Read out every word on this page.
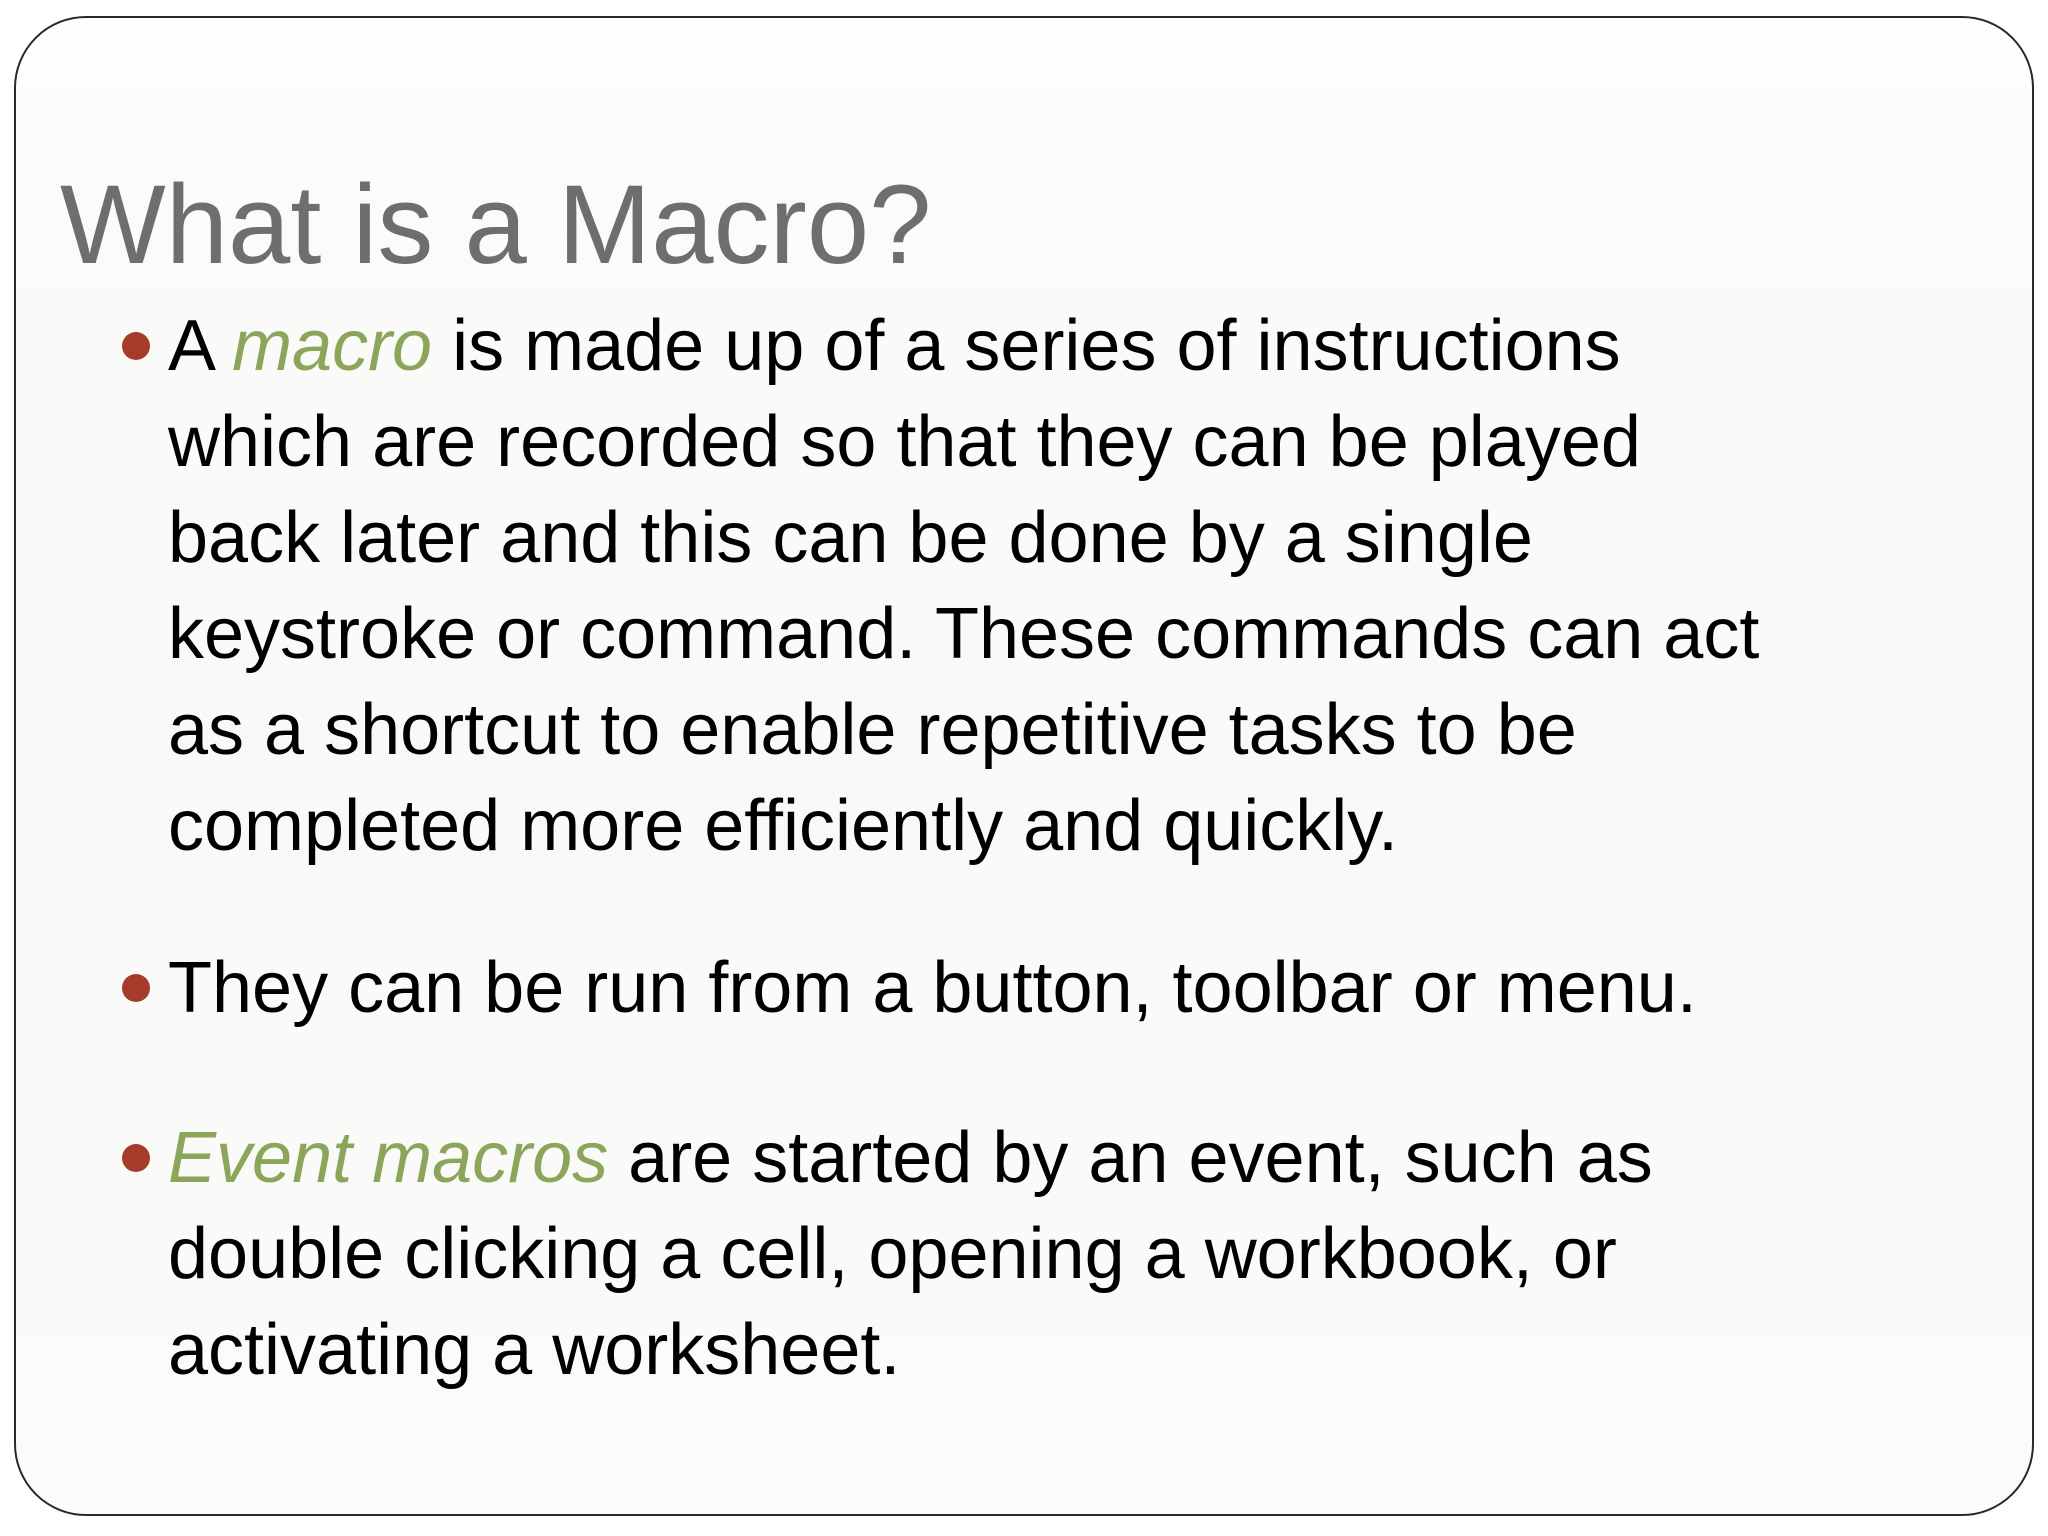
What is a Macro?
A macro is made up of a series of instructions
which are recorded so that they can be played
back later and this can be done by a single
keystroke or command. These commands can act
as a shortcut to enable repetitive tasks to be
completed more efficiently and quickly.
They can be run from a button, toolbar or menu.
Event macros are started by an event, such as
double clicking a cell, opening a workbook, or
activating a worksheet.
